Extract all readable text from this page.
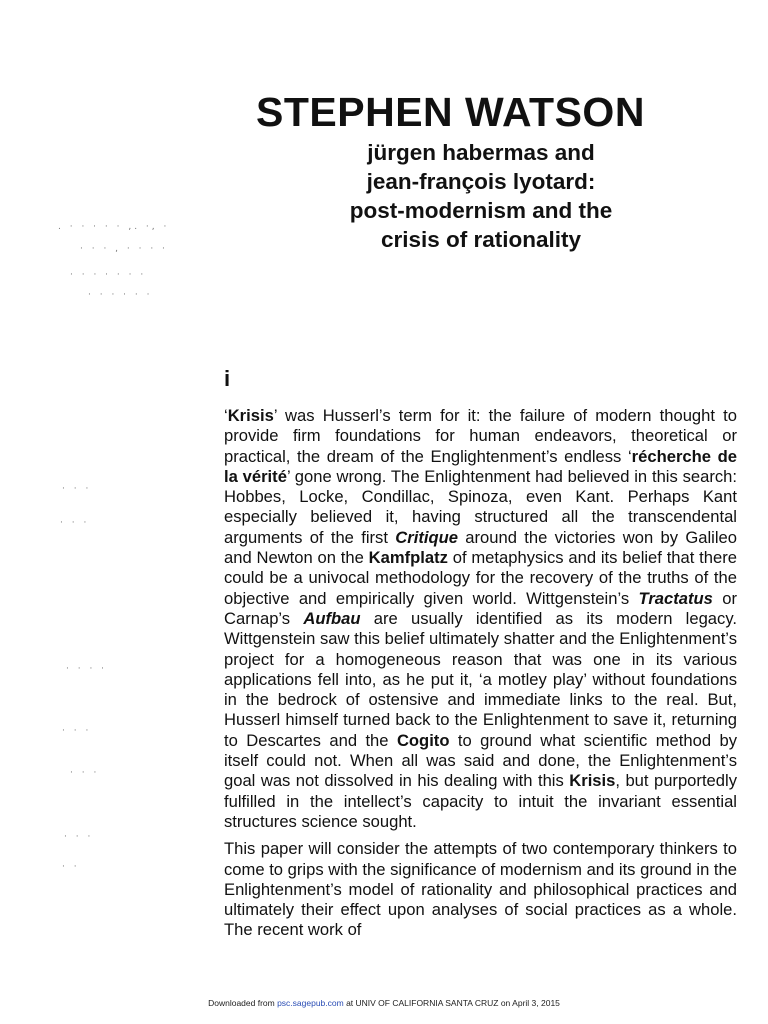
. · · · · · ,. ·, ·
· · · , · · · ·
· · · · · · ·
· · · · · ·
· · ·
· · ·
· · · ·
· · ·
· · ·
· · ·
· ·
STEPHEN WATSON
jürgen habermas and
jean-françois lyotard:
post-modernism and the
crisis of rationality
i

‘Krisis’ was Husserl’s term for it: the failure of modern thought to provide firm foundations for human endeavors, theoretical or practical, the dream of the Englightenment’s endless ‘récherche de la vérité’ gone wrong. The Enlightenment had believed in this search: Hobbes, Locke, Condillac, Spinoza, even Kant. Perhaps Kant especially believed it, having structured all the transcendental arguments of the first Critique around the victories won by Galileo and Newton on the Kamfplatz of metaphysics and its belief that there could be a univocal methodology for the recovery of the truths of the objective and empirically given world. Wittgenstein’s Tractatus or Carnap’s Aufbau are usually identified as its modern legacy. Wittgenstein saw this belief ultimately shatter and the Enlightenment’s project for a homogeneous reason that was one in its various applications fell into, as he put it, ‘a motley play’ without foundations in the bedrock of ostensive and immediate links to the real. But, Husserl himself turned back to the Enlightenment to save it, returning to Descartes and the Cogito to ground what scientific method by itself could not. When all was said and done, the Enlightenment’s goal was not dissolved in his dealing with this Krisis, but purportedly fulfilled in the intellect’s capacity to intuit the invariant essential structures science sought.

This paper will consider the attempts of two contemporary thinkers to come to grips with the significance of modernism and its ground in the Enlightenment’s model of rationality and philosophical practices and ultimately their effect upon analyses of social practices as a whole. The recent work of

Downloaded from psc.sagepub.com at UNIV OF CALIFORNIA SANTA CRUZ on April 3, 2015
